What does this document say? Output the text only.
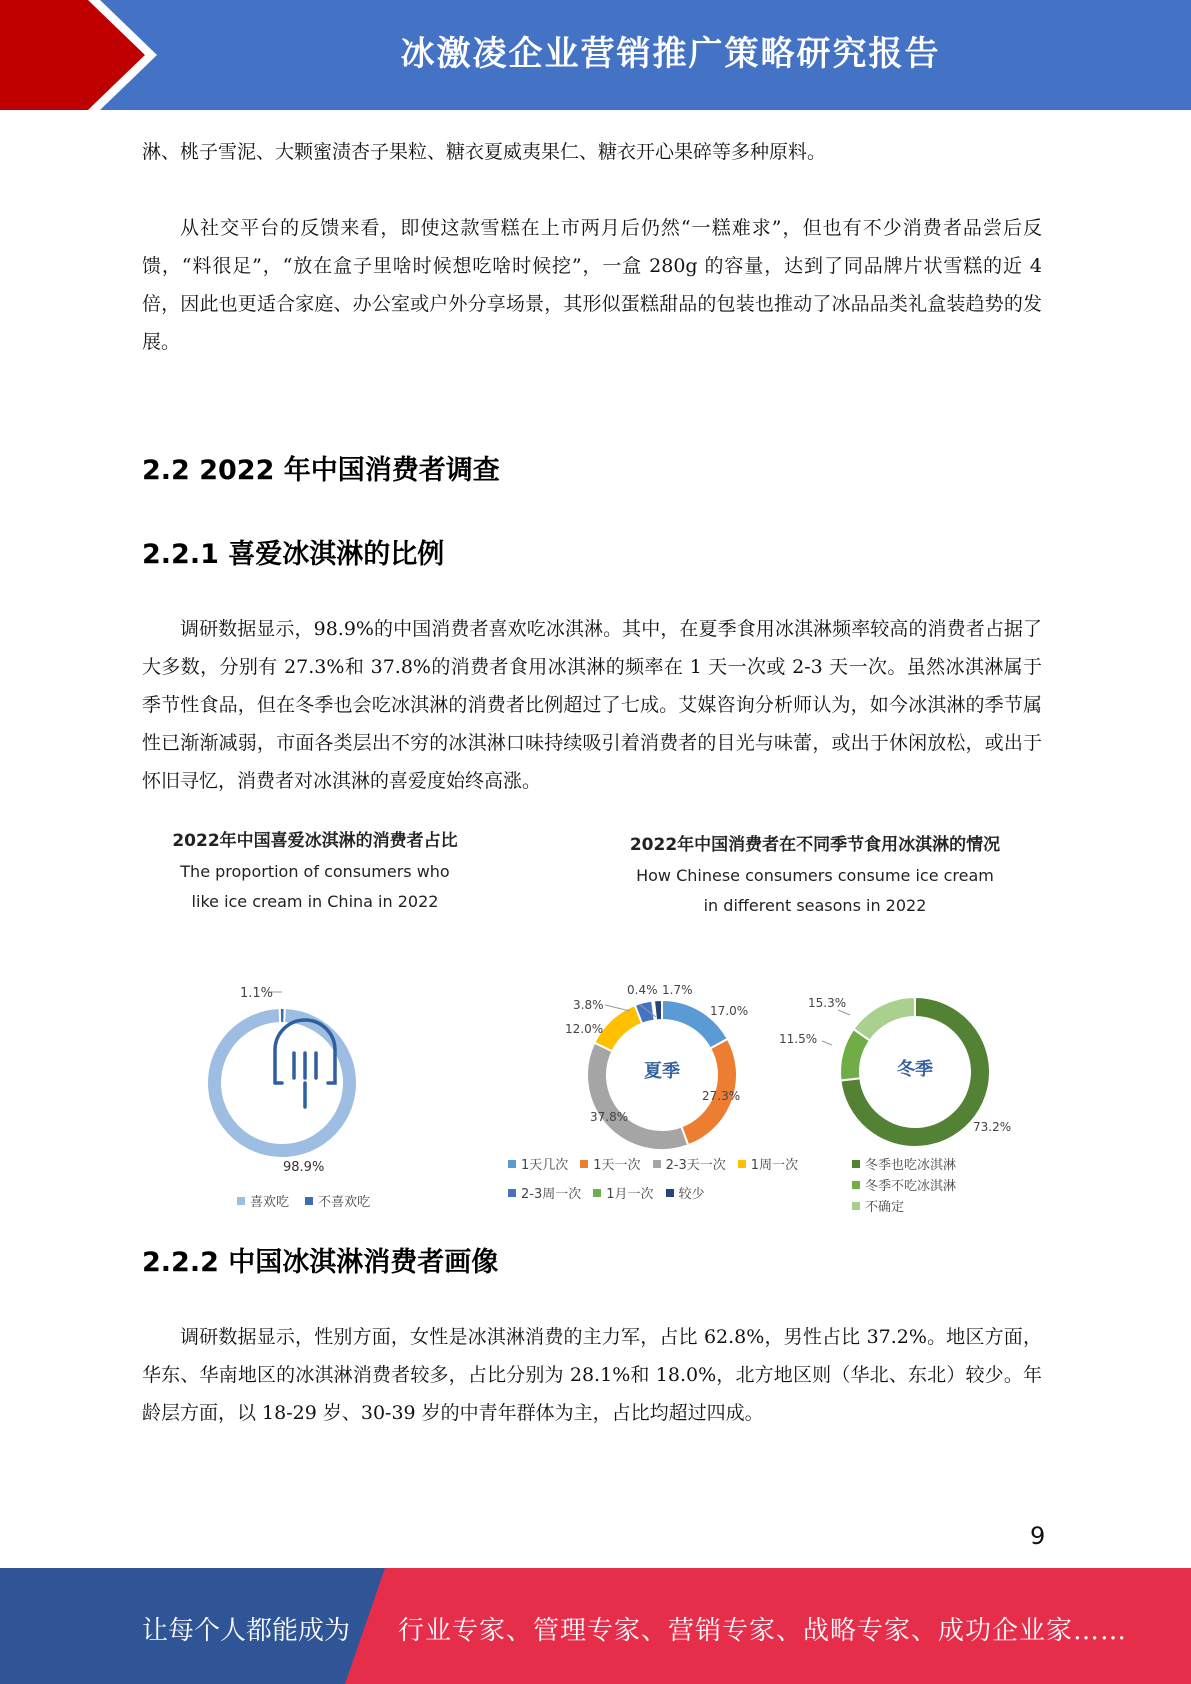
冰激凌企业营销推广策略研究报告

淋、桃子雪泥、大颗蜜渍杏子果粒、糖衣夏威夷果仁、糖衣开心果碎等多种原料。

从社交平台的反馈来看，即使这款雪糕在上市两月后仍然“一糕难求”，但也有不少消费者品尝后反馈，“料很足”，“放在盒子里啥时候想吃啥时候挖”，一盒 280g 的容量，达到了同品牌片状雪糕的近 4 倍，因此也更适合家庭、办公室或户外分享场景，其形似蛋糕甜品的包装也推动了冰品品类礼盒装趋势的发展。

2.2 2022 年中国消费者调查
2.2.1 喜爱冰淇淋的比例

调研数据显示，98.9%的中国消费者喜欢吃冰淇淋。其中，在夏季食用冰淇淋频率较高的消费者占据了大多数，分别有 27.3%和 37.8%的消费者食用冰淇淋的频率在 1 天一次或 2-3 天一次。虽然冰淇淋属于季节性食品，但在冬季也会吃冰淇淋的消费者比例超过了七成。艾媒咨询分析师认为，如今冰淇淋的季节属性已渐渐减弱，市面各类层出不穷的冰淇淋口味持续吸引着消费者的目光与味蕾，或出于休闲放松，或出于怀旧寻忆，消费者对冰淇淋的喜爱度始终高涨。

2022年中国喜爱冰淇淋的消费者占比
The proportion of consumers who
like ice cream in China in 2022
1.1%
98.9%
喜欢吃
不喜欢吃
2022年中国消费者在不同季节食用冰淇淋的情况
How Chinese consumers consume ice cream
in different seasons in 2022
夏季	冬季
1.7%
0.4%
3.8%
12.0%
17.0%
27.3%
37.8%
15.3%
11.5%
73.2%
1天几次 1天一次 2-3天一次 1周一次
2-3周一次 1月一次 较少
冬季也吃冰淇淋
冬季不吃冰淇淋
不确定
2.2.2 中国冰淇淋消费者画像

调研数据显示，性别方面，女性是冰淇淋消费的主力军，占比 62.8%，男性占比 37.2%。地区方面，华东、华南地区的冰淇淋消费者较多，占比分别为 28.1%和 18.0%，北方地区则（华北、东北）较少。年龄层方面，以 18-29 岁、30-39 岁的中青年群体为主，占比均超过四成。

9
让每个人都能成为 行业专家、管理专家、营销专家、战略专家、成功企业家……
